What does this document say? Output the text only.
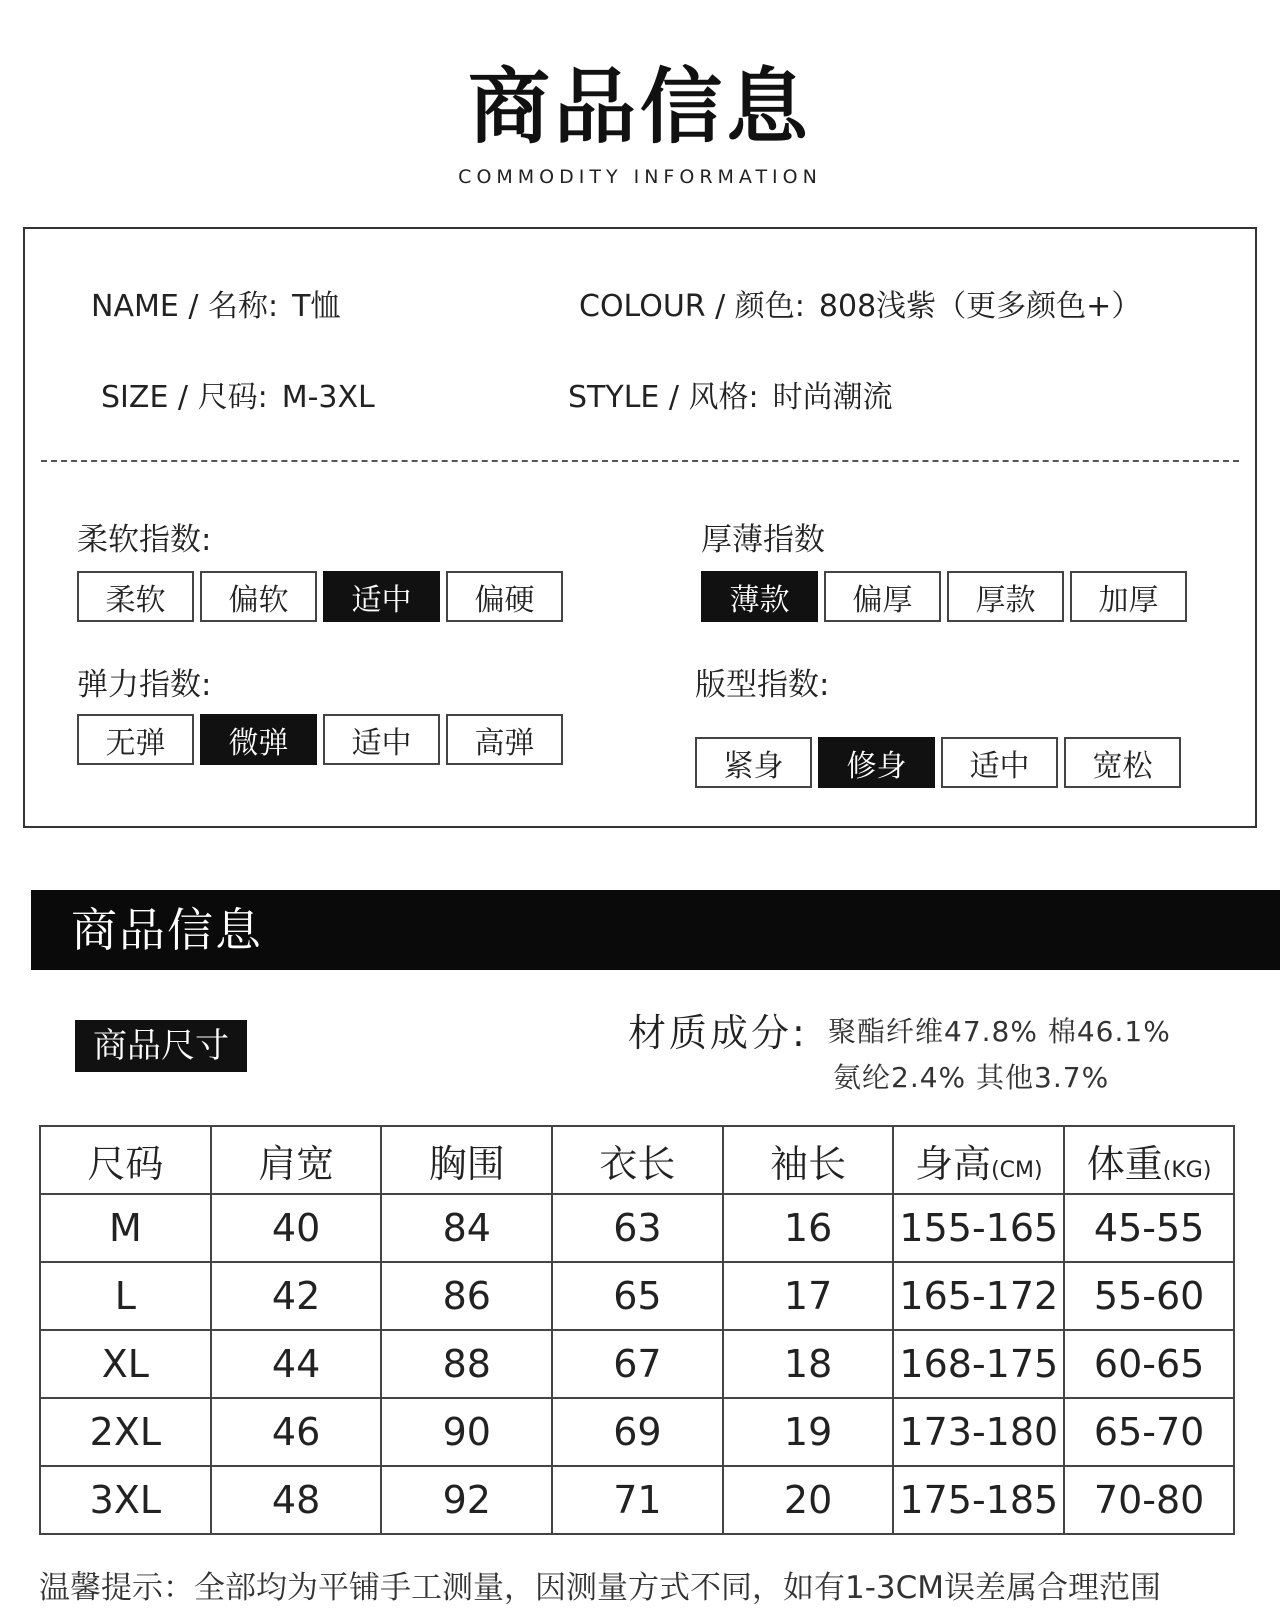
商品信息
COMMODITY INFORMATION
NAME / 名称: T恤	COLOUR / 颜色: 808浅紫（更多颜色+）
SIZE / 尺码: M-3XL	STYLE / 风格: 时尚潮流
柔软指数:
柔软	偏软	适中	偏硬
厚薄指数
薄款	偏厚	厚款	加厚
弹力指数:
无弹	微弹	适中	高弹
版型指数:
紧身	修身	适中	宽松
商品信息
商品尺寸	材质成分: 聚酯纤维47.8% 棉46.1%
氨纶2.4% 其他3.7%
尺码	肩宽	胸围	衣长	袖长	身高(CM)	体重(KG)
M	40	84	63	16	155-165	45-55
L	42	86	65	17	165-172	55-60
XL	44	88	67	18	168-175	60-65
2XL	46	90	69	19	173-180	65-70
3XL	48	92	71	20	175-185	70-80
温馨提示：全部均为平铺手工测量，因测量方式不同，如有1-3CM误差属合理范围
